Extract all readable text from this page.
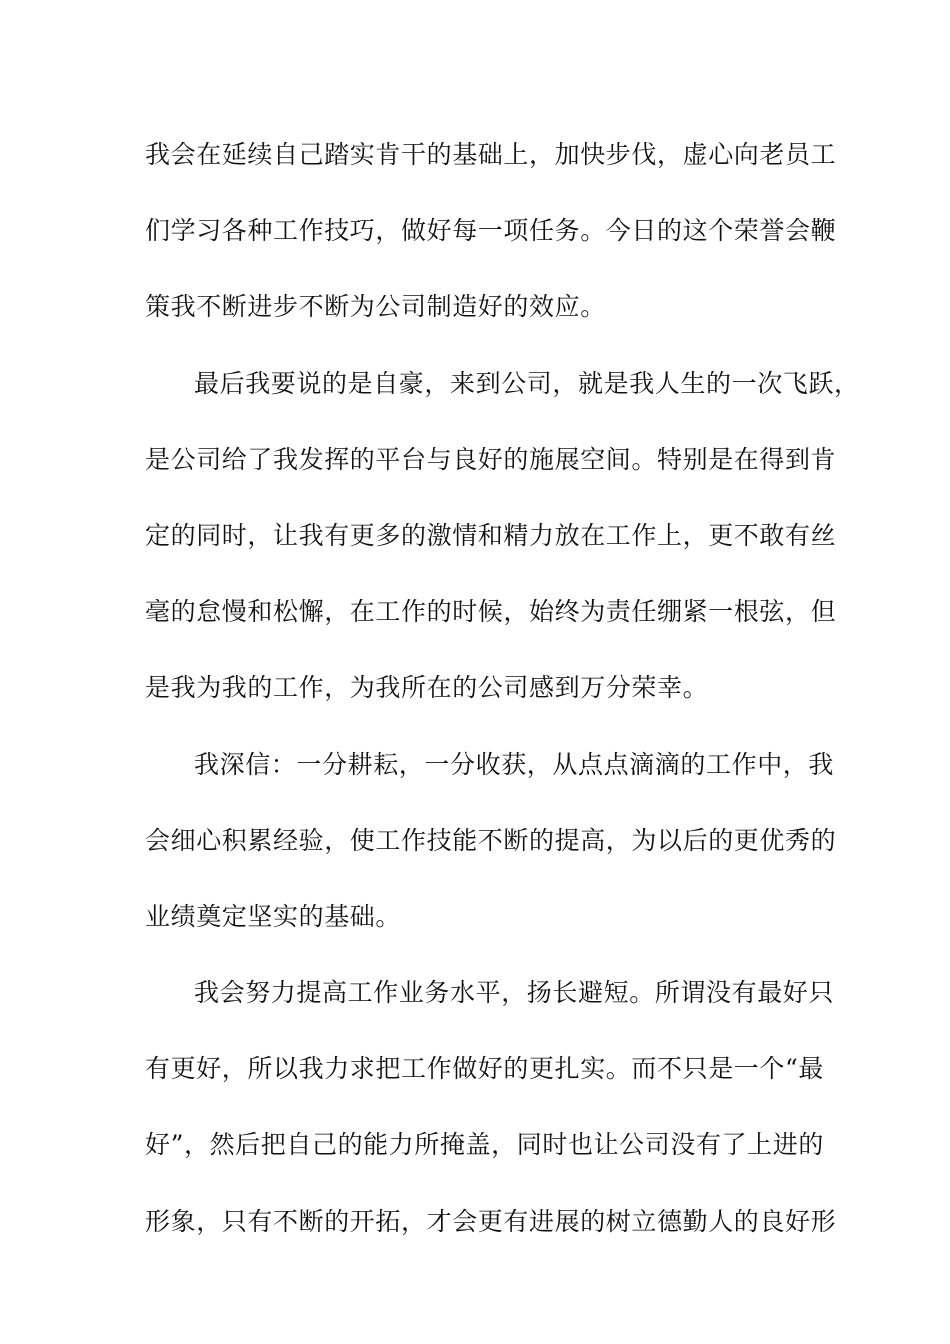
我会在延续自己踏实肯干的基础上，加快步伐，虚心向老员工
们学习各种工作技巧，做好每一项任务。今日的这个荣誉会鞭
策我不断进步不断为公司制造好的效应。
最后我要说的是自豪，来到公司，就是我人生的一次飞跃，
是公司给了我发挥的平台与良好的施展空间。特别是在得到肯
定的同时，让我有更多的激情和精力放在工作上，更不敢有丝
毫的怠慢和松懈，在工作的时候，始终为责任绷紧一根弦，但
是我为我的工作，为我所在的公司感到万分荣幸。
我深信：一分耕耘，一分收获，从点点滴滴的工作中，我
会细心积累经验，使工作技能不断的提高，为以后的更优秀的
业绩奠定坚实的基础。
我会努力提高工作业务水平，扬长避短。所谓没有最好只
有更好，所以我力求把工作做好的更扎实。而不只是一个“最
好”，然后把自己的能力所掩盖，同时也让公司没有了上进的
形象，只有不断的开拓，才会更有进展的树立德勤人的良好形
